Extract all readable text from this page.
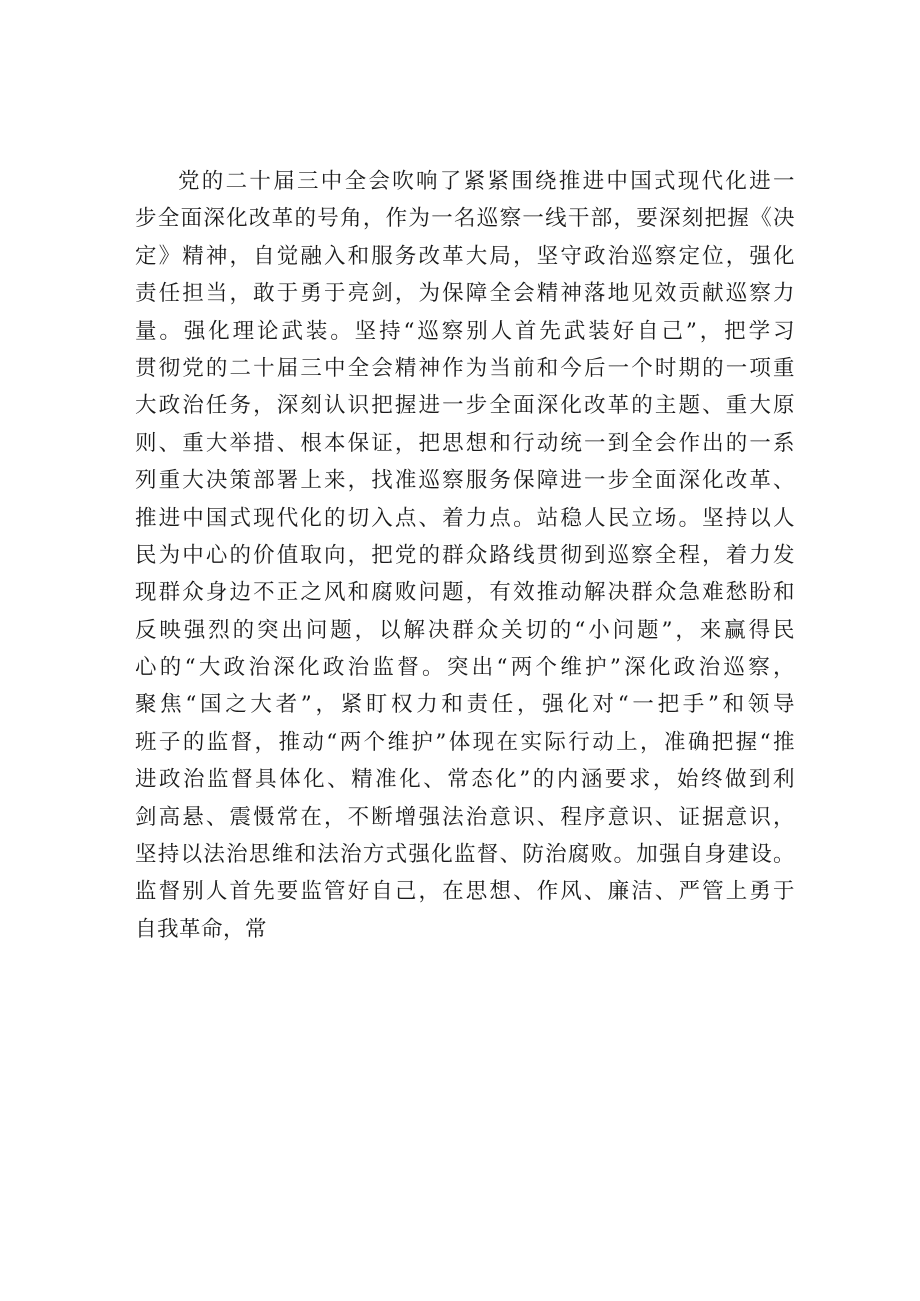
党的二十届三中全会吹响了紧紧围绕推进中国式现代化进一
步全面深化改革的号角，作为一名巡察一线干部，要深刻把握《决
定》精神，自觉融入和服务改革大局，坚守政治巡察定位，强化
责任担当，敢于勇于亮剑，为保障全会精神落地见效贡献巡察力
量。强化理论武装。坚持“巡察别人首先武装好自己”，把学习
贯彻党的二十届三中全会精神作为当前和今后一个时期的一项重
大政治任务，深刻认识把握进一步全面深化改革的主题、重大原
则、重大举措、根本保证，把思想和行动统一到全会作出的一系
列重大决策部署上来，找准巡察服务保障进一步全面深化改革、
推进中国式现代化的切入点、着力点。站稳人民立场。坚持以人
民为中心的价值取向，把党的群众路线贯彻到巡察全程，着力发
现群众身边不正之风和腐败问题，有效推动解决群众急难愁盼和
反映强烈的突出问题，以解决群众关切的“小问题”，来赢得民
心的“大政治深化政治监督。突出“两个维护”深化政治巡察，
聚焦“国之大者”，紧盯权力和责任，强化对“一把手”和领导
班子的监督，推动“两个维护”体现在实际行动上，准确把握“推
进政治监督具体化、精准化、常态化”的内涵要求，始终做到利
剑高悬、震慑常在，不断增强法治意识、程序意识、证据意识，
坚持以法治思维和法治方式强化监督、防治腐败。加强自身建设。
监督别人首先要监管好自己，在思想、作风、廉洁、严管上勇于
自我革命，常
